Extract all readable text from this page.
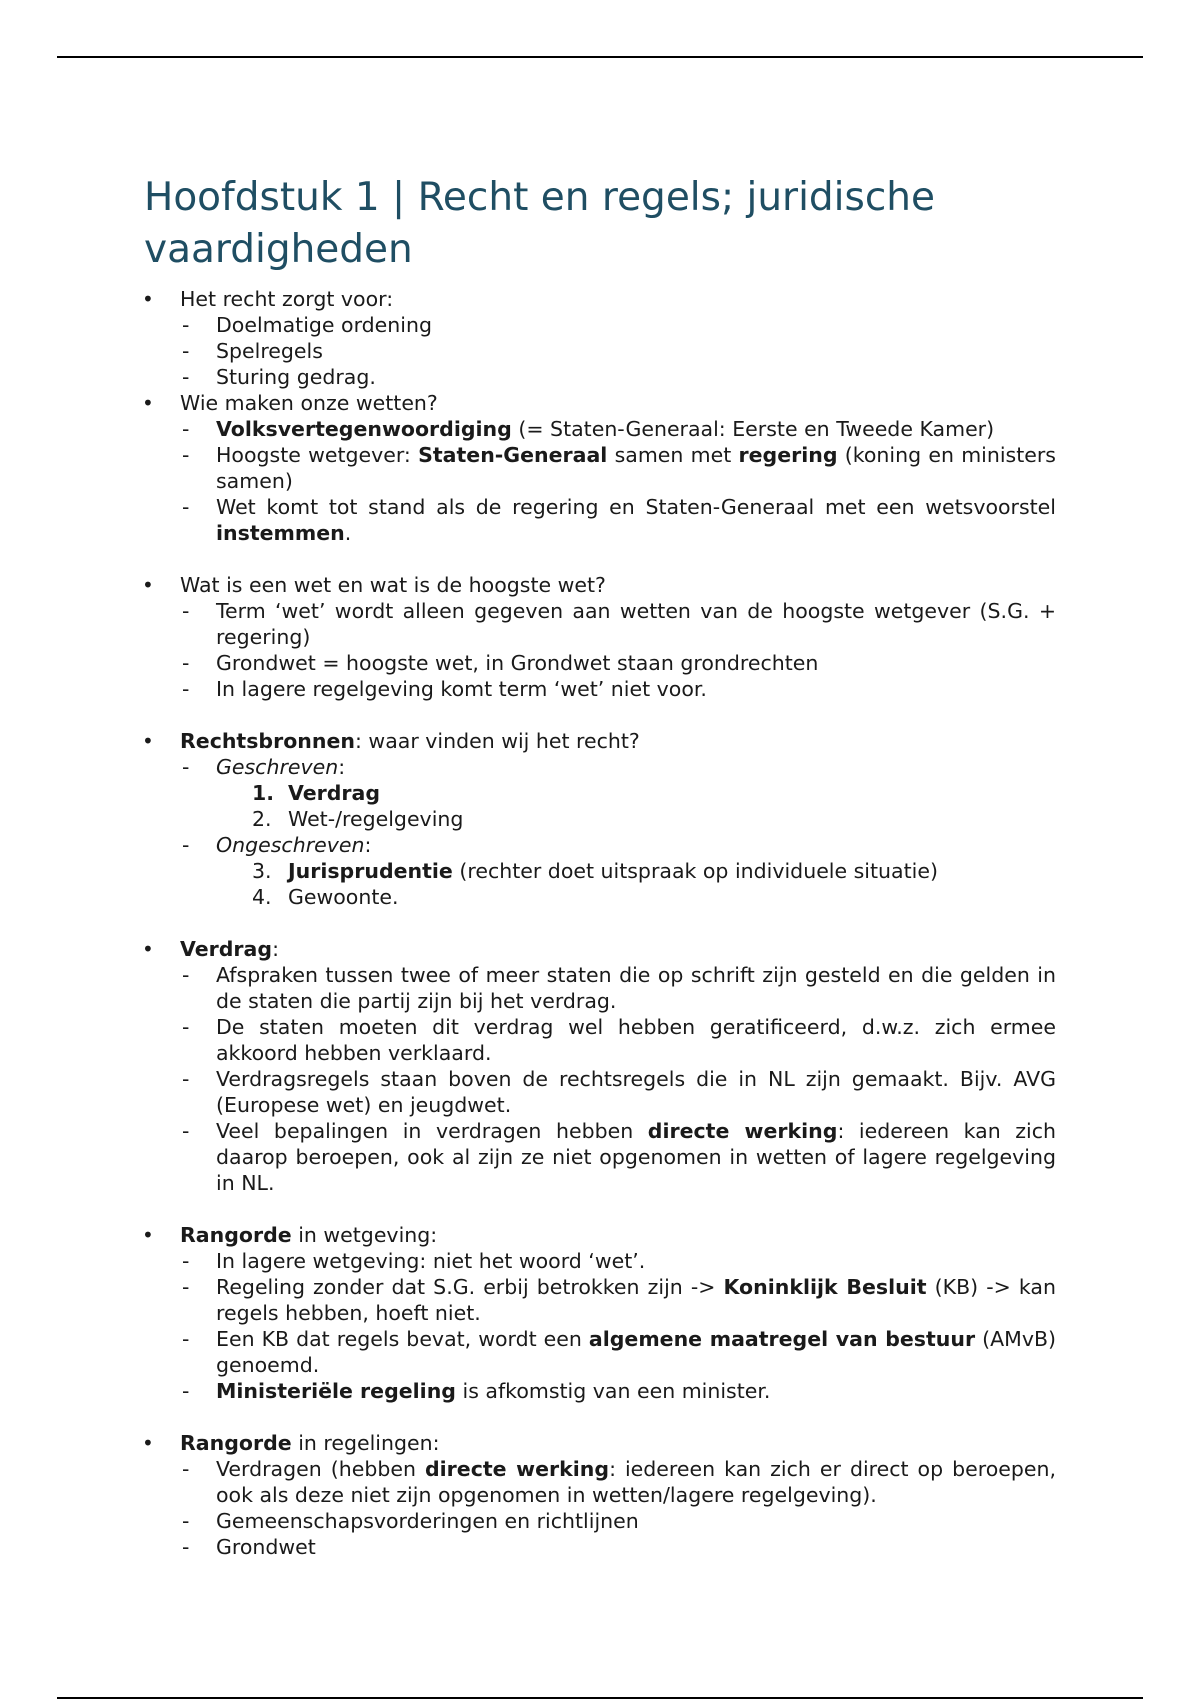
Hoofdstuk 1 | Recht en regels; juridische vaardigheden
• Het recht zorgt voor:
- Doelmatige ordening
- Spelregels
- Sturing gedrag.
• Wie maken onze wetten?
- Volksvertegenwoordiging (= Staten-Generaal: Eerste en Tweede Kamer)
- Hoogste wetgever: Staten-Generaal samen met regering (koning en ministers samen)
- Wet komt tot stand als de regering en Staten-Generaal met een wetsvoorstel instemmen.
• Wat is een wet en wat is de hoogste wet?
- Term ‘wet’ wordt alleen gegeven aan wetten van de hoogste wetgever (S.G. + regering)
- Grondwet = hoogste wet, in Grondwet staan grondrechten
- In lagere regelgeving komt term ‘wet’ niet voor.
• Rechtsbronnen: waar vinden wij het recht?
- Geschreven:
1. Verdrag
2. Wet-/regelgeving
- Ongeschreven:
3. Jurisprudentie (rechter doet uitspraak op individuele situatie)
4. Gewoonte.
• Verdrag:
- Afspraken tussen twee of meer staten die op schrift zijn gesteld en die gelden in de staten die partij zijn bij het verdrag.
- De staten moeten dit verdrag wel hebben geratificeerd, d.w.z. zich ermee akkoord hebben verklaard.
- Verdragsregels staan boven de rechtsregels die in NL zijn gemaakt. Bijv. AVG (Europese wet) en jeugdwet.
- Veel bepalingen in verdragen hebben directe werking: iedereen kan zich daarop beroepen, ook al zijn ze niet opgenomen in wetten of lagere regelgeving in NL.
• Rangorde in wetgeving:
- In lagere wetgeving: niet het woord ‘wet’.
- Regeling zonder dat S.G. erbij betrokken zijn -> Koninklijk Besluit (KB) -> kan regels hebben, hoeft niet.
- Een KB dat regels bevat, wordt een algemene maatregel van bestuur (AMvB) genoemd.
- Ministeriële regeling is afkomstig van een minister.
• Rangorde in regelingen:
- Verdragen (hebben directe werking: iedereen kan zich er direct op beroepen, ook als deze niet zijn opgenomen in wetten/lagere regelgeving).
- Gemeenschapsvorderingen en richtlijnen
- Grondwet
